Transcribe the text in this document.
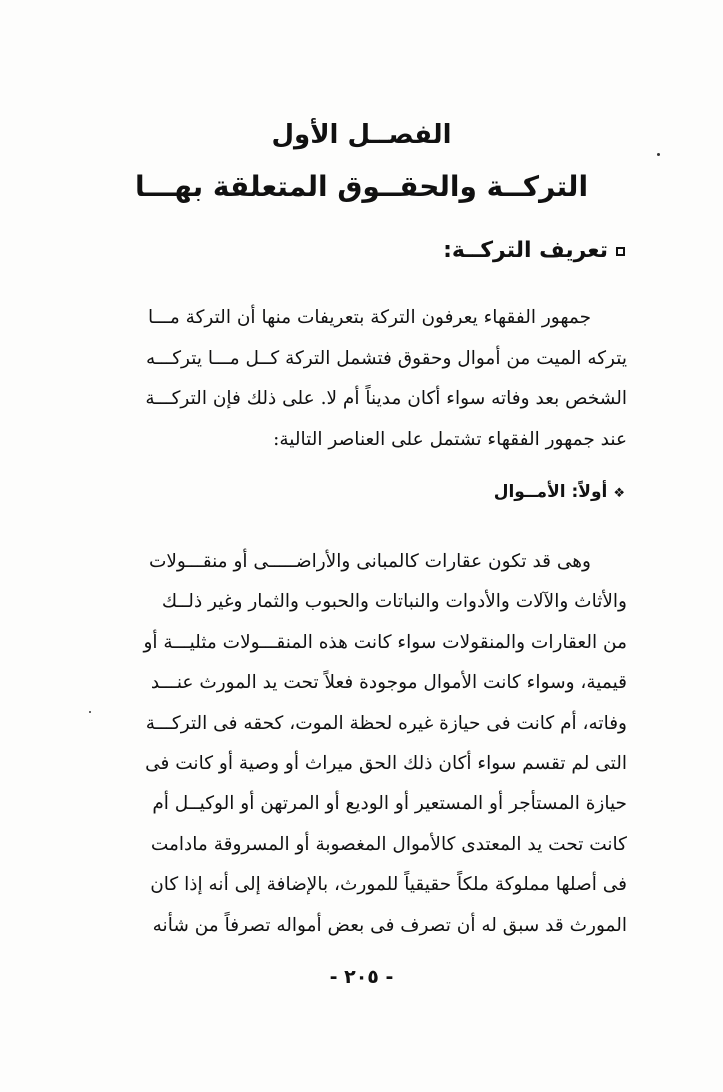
الفصــل الأول
التركــة والحقــوق المتعلقة بهـــا
تعريف التركــة:

جمهور الفقهاء يعرفون التركة بتعريفات منها أن التركة مـــا
يتركه الميت من أموال وحقوق فتشمل التركة كــل مـــا يتركـــه
الشخص بعد وفاته سواء أكان مديناً أم لا. على ذلك فإن التركـــة
عند جمهور الفقهاء تشتمل على العناصر التالية:

❖أولاً: الأمــوال

وهى قد تكون عقارات كالمبانى والأراضـــــى أو منقـــولات
والأثاث والآلات والأدوات والنباتات والحبوب والثمار وغير ذلــك
من العقارات والمنقولات سواء كانت هذه المنقـــولات مثليـــة أو
قيمية، وسواء كانت الأموال موجودة فعلاً تحت يد المورث عنـــد
وفاته، أم كانت فى حيازة غيره لحظة الموت، كحقه فى التركـــة
التى لم تقسم سواء أكان ذلك الحق ميراث أو وصية أو كانت فى
حيازة المستأجر أو المستعير أو الوديع أو المرتهن أو الوكيــل أم
كانت تحت يد المعتدى كالأموال المغصوبة أو المسروقة مادامت
فى أصلها مملوكة ملكاً حقيقياً للمورث، بالإضافة إلى أنه إذا كان
المورث قد سبق له أن تصرف فى بعض أمواله تصرفاً من شأنه

- ٢٠٥ -
